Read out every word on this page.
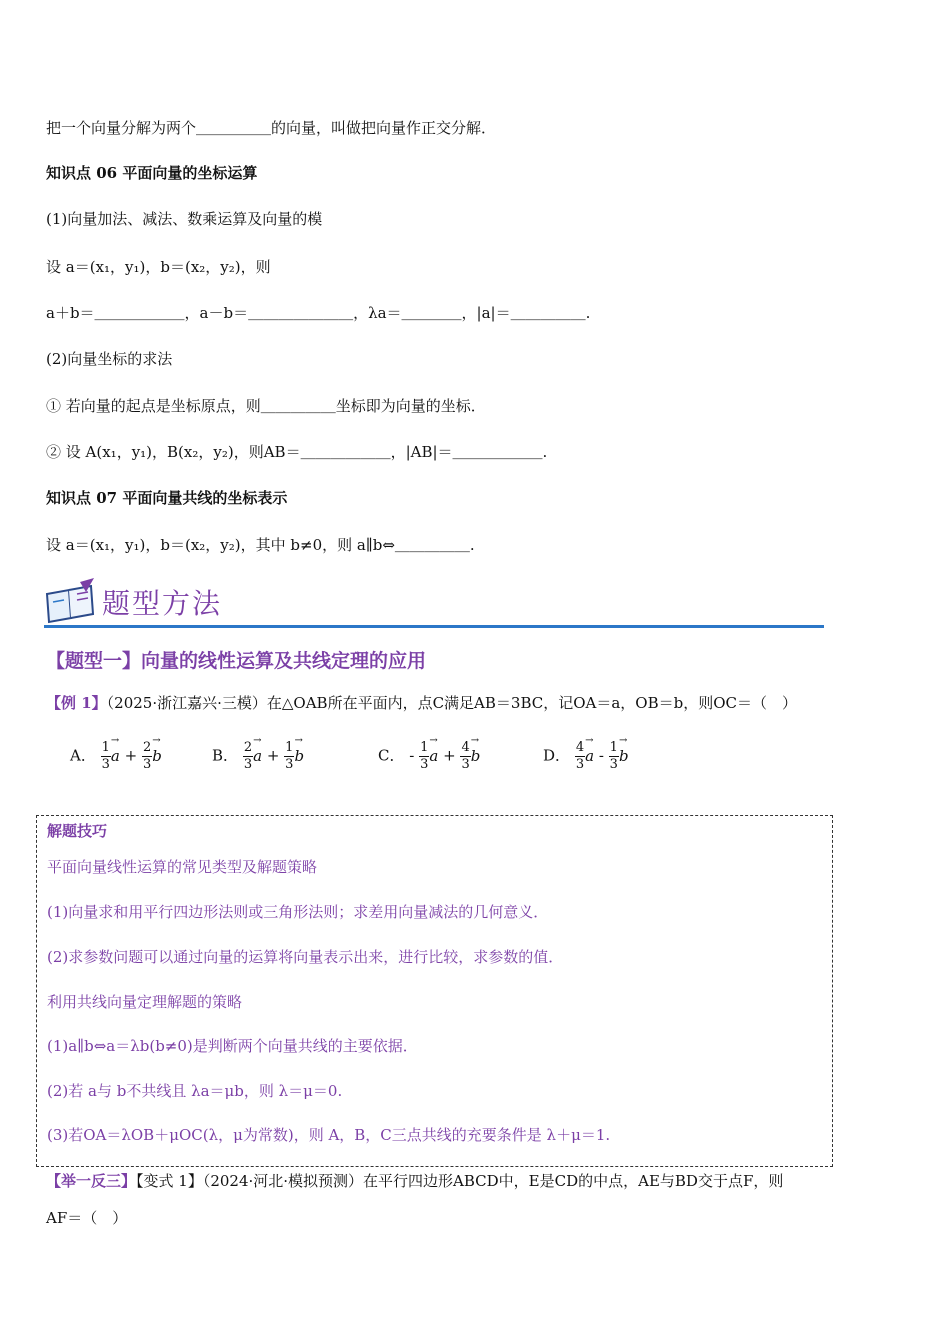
把一个向量分解为两个＿＿＿＿＿的向量，叫做把向量作正交分解．
知识点 06 平面向量的坐标运算
(1)向量加法、减法、数乘运算及向量的模
设 a＝(x₁，y₁)，b＝(x₂，y₂)，则
a＋b＝＿＿＿＿＿＿，a－b＝＿＿＿＿＿＿＿，λa＝＿＿＿＿，|a|＝＿＿＿＿＿.
(2)向量坐标的求法
① 若向量的起点是坐标原点，则＿＿＿＿＿坐标即为向量的坐标．
② 设 A(x₁，y₁)，B(x₂，y₂)，则AB＝＿＿＿＿＿＿，|AB|＝＿＿＿＿＿＿.
知识点 07 平面向量共线的坐标表示
设 a＝(x₁，y₁)，b＝(x₂，y₂)，其中 b≠0，则 a∥b⇔＿＿＿＿＿.
题型方法
【题型一】向量的线性运算及共线定理的应用
【例 1】（2025·浙江嘉兴·三模）在△OAB所在平面内，点C满足AB＝3BC，记OA＝a，OB＝b，则OC＝（　）
A． $\frac{1}{3}$
→ $a + \frac{2}{3}$
→ b	B． $\frac{2}{3}$
→ $a + \frac{1}{3}$
→ b	C． - $\frac{1}{3}$
→ $a + \frac{4}{3}$
→ b	D． $\frac{4}{3}$
→ a - $\frac{1}{3}$
→ b
解题技巧
平面向量线性运算的常见类型及解题策略
(1)向量求和用平行四边形法则或三角形法则；求差用向量减法的几何意义．
(2)求参数问题可以通过向量的运算将向量表示出来，进行比较，求参数的值．
利用共线向量定理解题的策略
(1)a∥b⇔a＝λb(b≠0)是判断两个向量共线的主要依据．
(2)若 a与 b不共线且 λa＝μb，则 λ＝μ＝0.
(3)若OA＝λOB＋μOC(λ，μ为常数)，则 A，B，C三点共线的充要条件是 λ＋μ＝1.
【举一反三】【变式 1】（2024·河北·模拟预测）在平行四边形ABCD中，E是CD的中点，AE与BD交于点F，则
AF＝（　）
